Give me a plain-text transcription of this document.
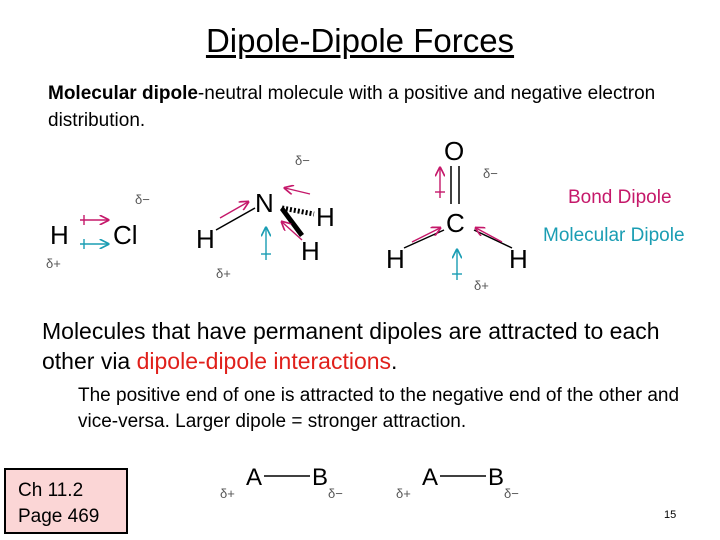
Dipole-Dipole Forces
Molecular dipole-neutral molecule with a positive and negative electron distribution.
δ−
H Cl
δ+
δ−
N H
H	H
δ+
O
δ−
C
H	H
δ+
Bond Dipole
Molecular Dipole
Molecules that have permanent dipoles are attracted to each other via dipole-dipole interactions.
The positive end of one is attracted to the negative end of the other and vice-versa. Larger dipole = stronger attraction.
δ+
A B
δ−	δ+
A B
δ−
Ch 11.2
Page 469	15
